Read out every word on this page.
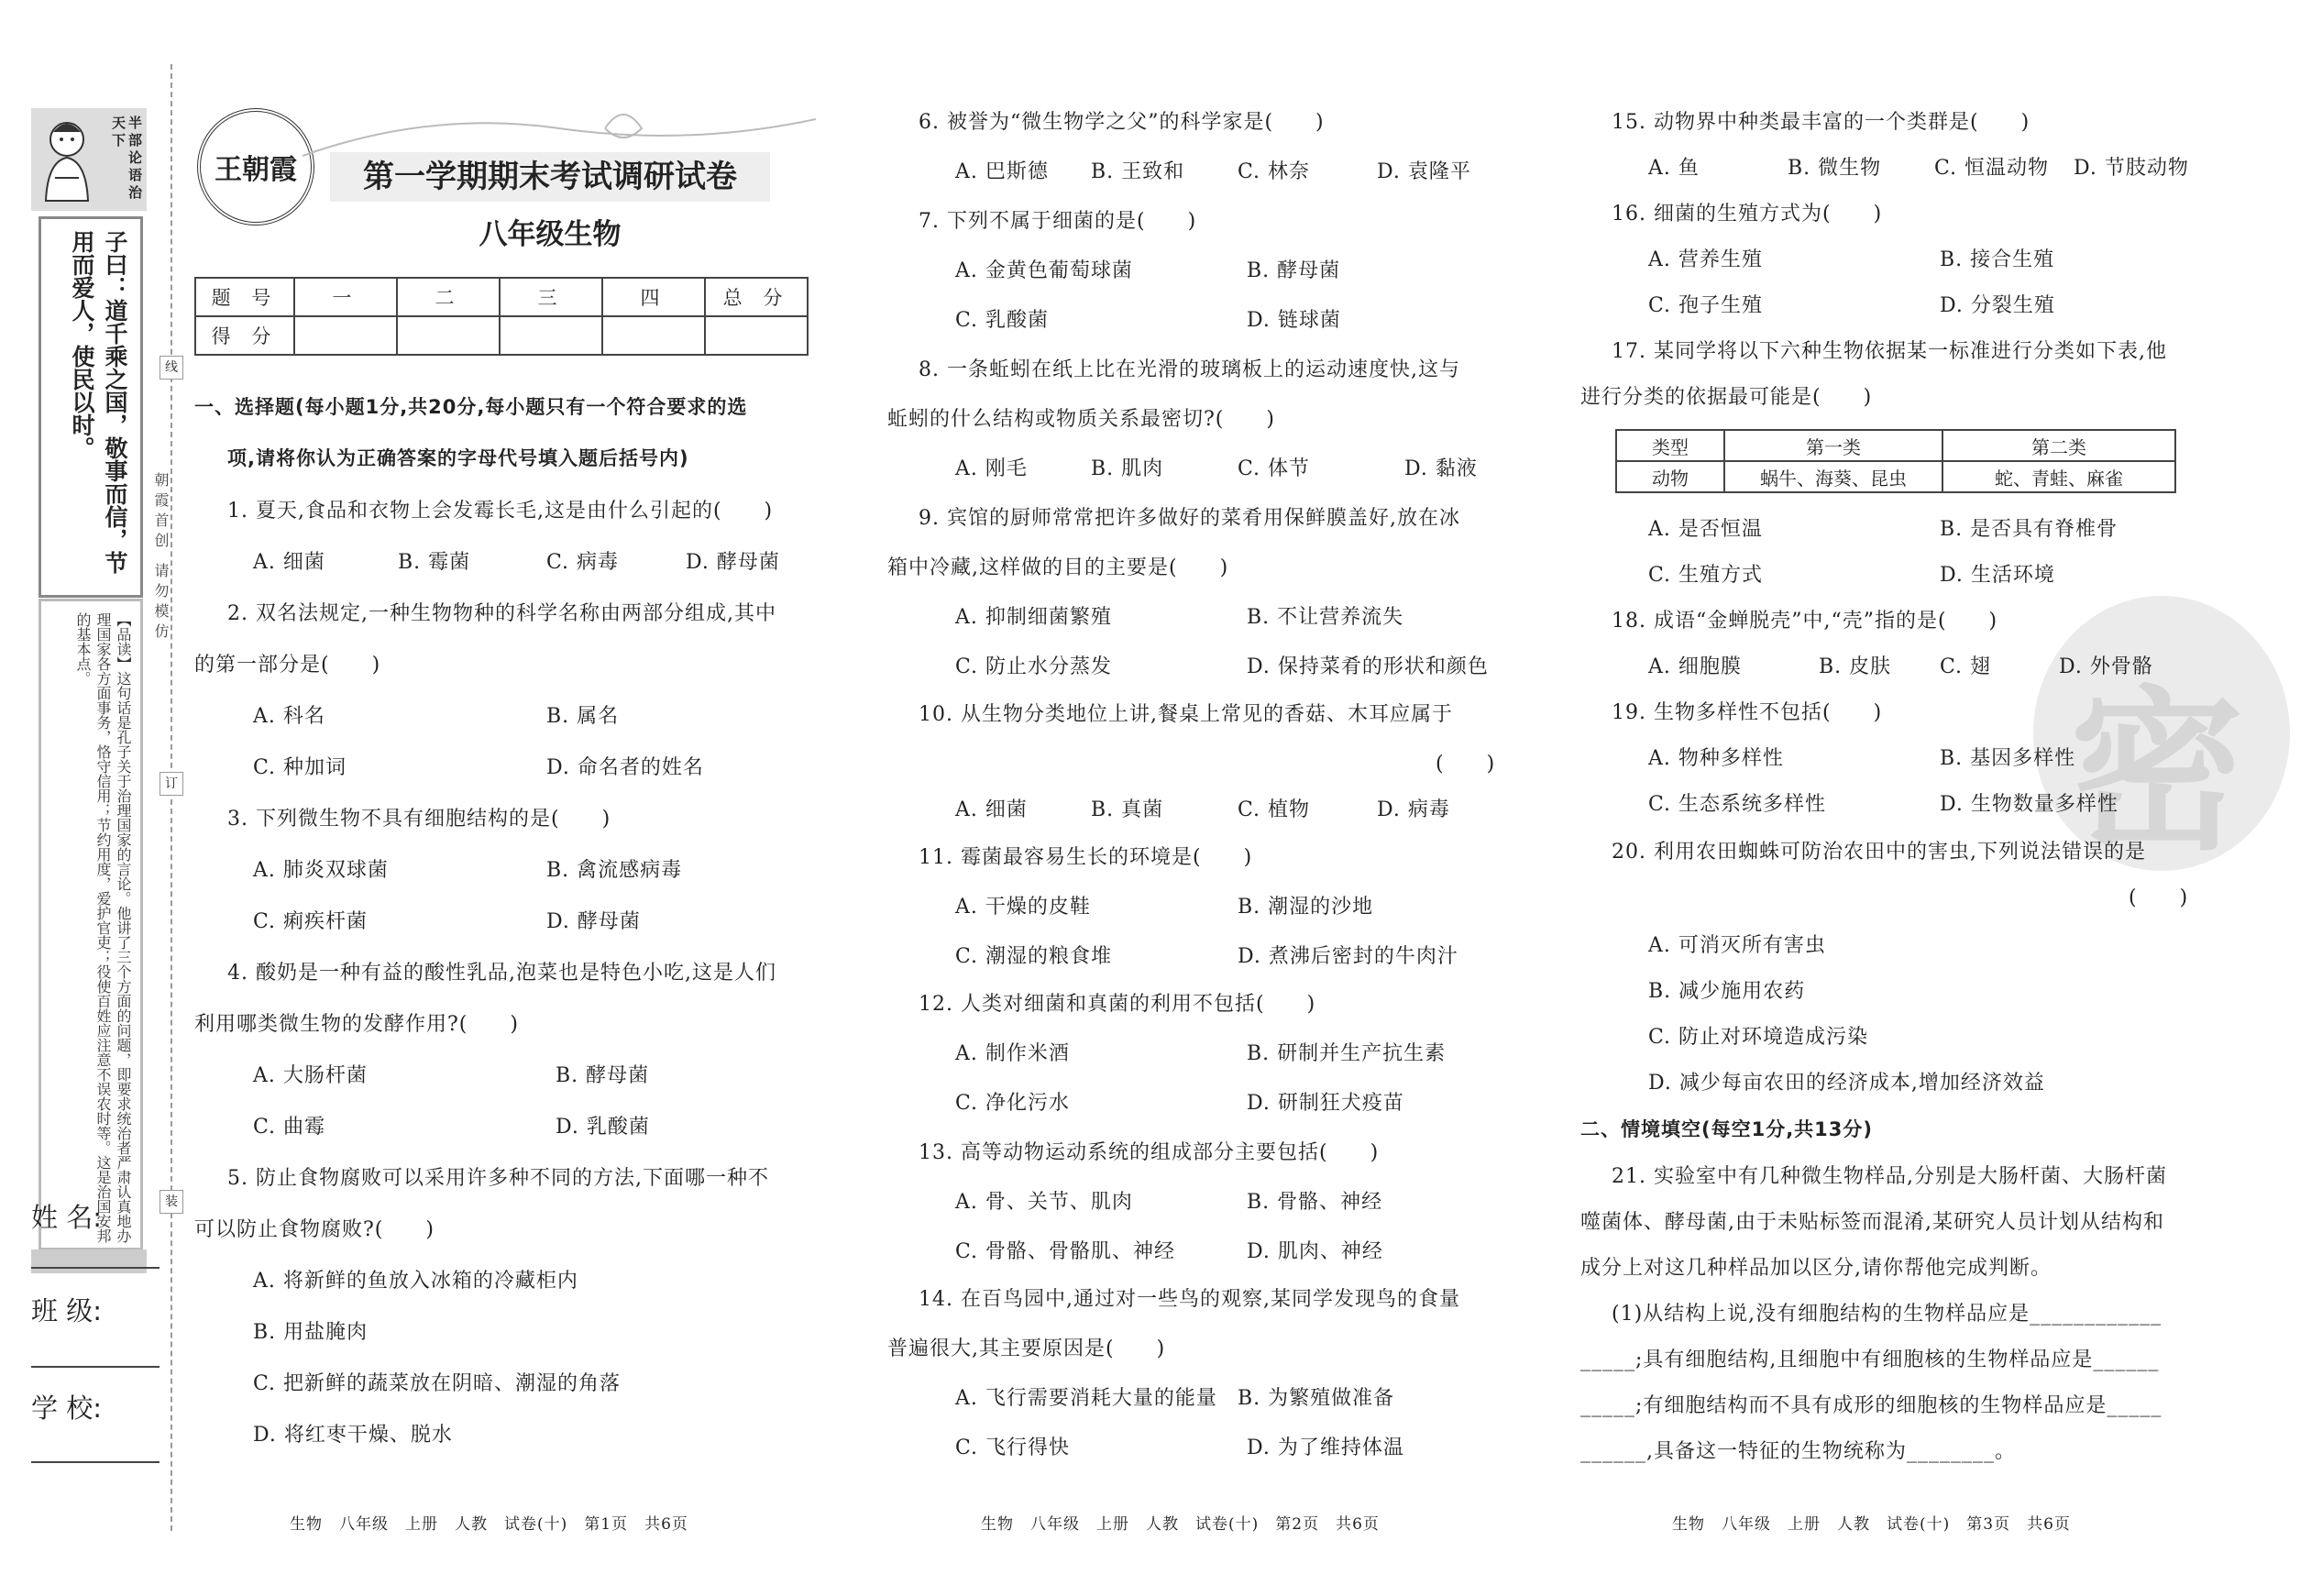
半部论语治天下
子曰：道千乘之国，敬事而信，节用而爱人，使民以时。
【品读】这句话是孔子关于治理国家的言论。他讲了三个方面的问题，即要求统治者严肃认真地办理国家各方面事务，恪守信用；节约用度，爱护官吏；役使百姓应注意不误农时等。这是治国安邦的基本点。
朝霞首创 请勿模仿
姓 名:
班 级:
学 校:
线
订
装
王朝霞	第一学期期末考试调研试卷
八年级生物
题 号	一	二	三	四	总 分
得 分					
一、选择题(每小题1分,共20分,每小题只有一个符合要求的选
项,请将你认为正确答案的字母代号填入题后括号内)
1. 夏天,食品和衣物上会发霉长毛,这是由什么引起的(　　)
A. 细菌	B. 霉菌	C. 病毒	D. 酵母菌
2. 双名法规定,一种生物物种的科学名称由两部分组成,其中
的第一部分是(　　)
A. 科名	B. 属名
C. 种加词	D. 命名者的姓名
3. 下列微生物不具有细胞结构的是(　　)
A. 肺炎双球菌	B. 禽流感病毒
C. 痢疾杆菌	D. 酵母菌
4. 酸奶是一种有益的酸性乳品,泡菜也是特色小吃,这是人们
利用哪类微生物的发酵作用?(　　)
A. 大肠杆菌	B. 酵母菌
C. 曲霉	D. 乳酸菌
5. 防止食物腐败可以采用许多种不同的方法,下面哪一种不
可以防止食物腐败?(　　)
A. 将新鲜的鱼放入冰箱的冷藏柜内
B. 用盐腌肉
C. 把新鲜的蔬菜放在阴暗、潮湿的角落
D. 将红枣干燥、脱水
生物　八年级　上册　人教　试卷(十)　第1页　共6页
6. 被誉为“微生物学之父”的科学家是(　　)
A. 巴斯德 B. 王致和	C. 林奈	D. 袁隆平
7. 下列不属于细菌的是(　　)
A. 金黄色葡萄球菌	B. 酵母菌
C. 乳酸菌	D. 链球菌
8. 一条蚯蚓在纸上比在光滑的玻璃板上的运动速度快,这与
蚯蚓的什么结构或物质关系最密切?(　　)
A. 刚毛	B. 肌肉	C. 体节	D. 黏液
9. 宾馆的厨师常常把许多做好的菜肴用保鲜膜盖好,放在冰
箱中冷藏,这样做的目的主要是(　　)
A. 抑制细菌繁殖	B. 不让营养流失
C. 防止水分蒸发	D. 保持菜肴的形状和颜色
10. 从生物分类地位上讲,餐桌上常见的香菇、木耳应属于
(　　)
A. 细菌	B. 真菌	C. 植物	D. 病毒
11. 霉菌最容易生长的环境是(　　)
A. 干燥的皮鞋	B. 潮湿的沙地
C. 潮湿的粮食堆	D. 煮沸后密封的牛肉汁
12. 人类对细菌和真菌的利用不包括(　　)
A. 制作米酒	B. 研制并生产抗生素
C. 净化污水	D. 研制狂犬疫苗
13. 高等动物运动系统的组成部分主要包括(　　)
A. 骨、关节、肌肉	B. 骨骼、神经
C. 骨骼、骨骼肌、神经	D. 肌肉、神经
14. 在百鸟园中,通过对一些鸟的观察,某同学发现鸟的食量
普遍很大,其主要原因是(　　)
A. 飞行需要消耗大量的能量 B. 为繁殖做准备
C. 飞行得快	D. 为了维持体温
生物　八年级　上册　人教　试卷(十)　第2页　共6页
密
15. 动物界中种类最丰富的一个类群是(　　)
A. 鱼	B. 微生物	C. 恒温动物 D. 节肢动物
16. 细菌的生殖方式为(　　)
A. 营养生殖	B. 接合生殖
C. 孢子生殖	D. 分裂生殖
17. 某同学将以下六种生物依据某一标准进行分类如下表,他
进行分类的依据最可能是(　　)
类型	第一类	第二类
动物	蜗牛、海葵、昆虫	蛇、青蛙、麻雀
A. 是否恒温	B. 是否具有脊椎骨
C. 生殖方式	D. 生活环境
18. 成语“金蝉脱壳”中,“壳”指的是(　　)
A. 细胞膜	B. 皮肤 C. 翅	D. 外骨骼
19. 生物多样性不包括(　　)
A. 物种多样性	B. 基因多样性
C. 生态系统多样性	D. 生物数量多样性
20. 利用农田蜘蛛可防治农田中的害虫,下列说法错误的是
(　　)
A. 可消灭所有害虫
B. 减少施用农药
C. 防止对环境造成污染
D. 减少每亩农田的经济成本,增加经济效益
二、情境填空(每空1分,共13分)
21. 实验室中有几种微生物样品,分别是大肠杆菌、大肠杆菌
噬菌体、酵母菌,由于未贴标签而混淆,某研究人员计划从结构和
成分上对这几种样品加以区分,请你帮他完成判断。
(1)从结构上说,没有细胞结构的生物样品应是____________
_____;具有细胞结构,且细胞中有细胞核的生物样品应是______
_____;有细胞结构而不具有成形的细胞核的生物样品应是_____
______,具备这一特征的生物统称为________。
生物　八年级　上册　人教　试卷(十)　第3页　共6页
